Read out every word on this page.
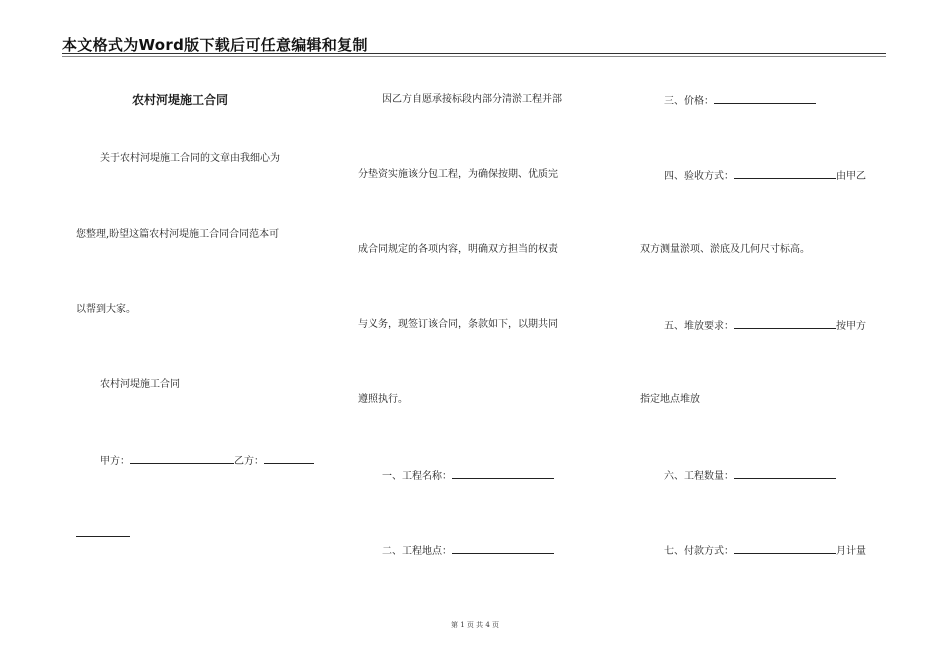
本文格式为Word版下载后可任意编辑和复制
农村河堤施工合同
关于农村河堤施工合同的文章由我细心为
您整理,盼望这篇农村河堤施工合同合同范本可
以帮到大家。
农村河堤施工合同
甲方：	乙方：
因乙方自愿承接标段内部分清淤工程并部
分垫资实施该分包工程，为确保按期、优质完
成合同规定的各项内容，明确双方担当的权责
与义务，现签订该合同，条款如下，以期共同
遵照执行。
一、工程名称：
二、工程地点：
三、价格：
四、验收方式：	由甲乙
双方测量淤项、淤底及几何尺寸标高。
五、堆放要求：	按甲方
指定地点堆放
六、工程数量：
七、付款方式：	月计量
第 1 页 共 4 页
